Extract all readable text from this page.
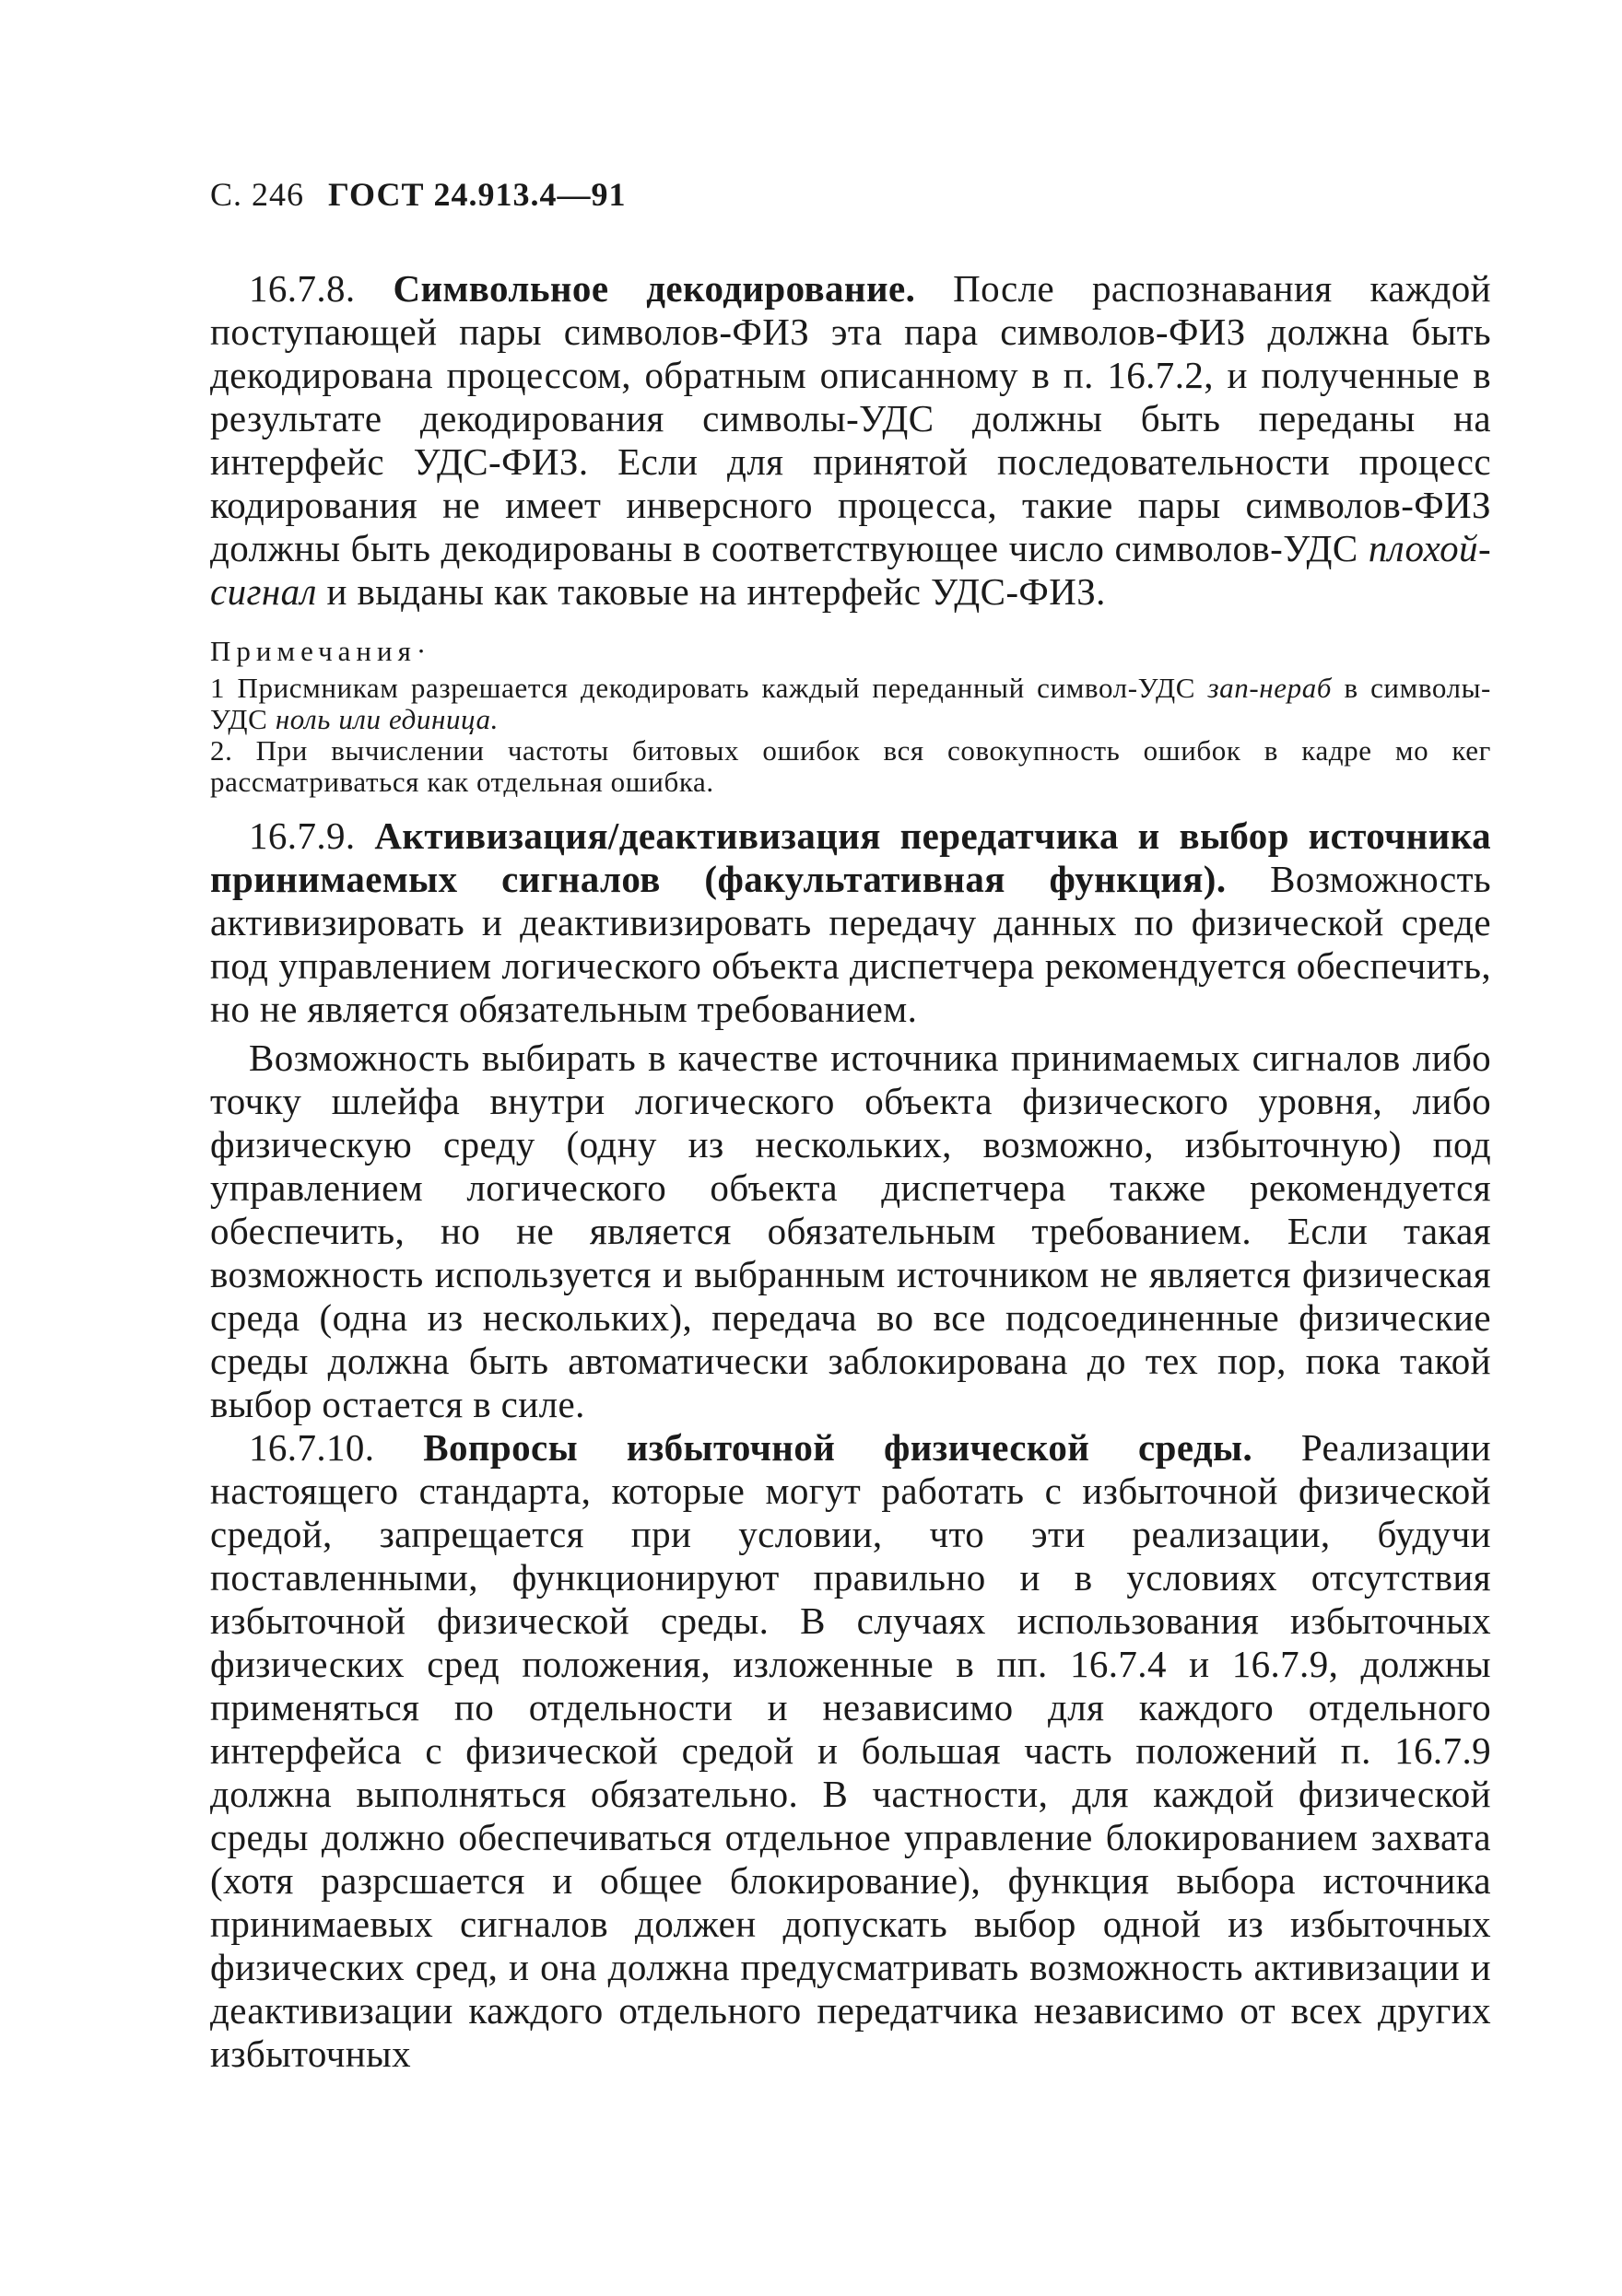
С. 246 ГОСТ 24.913.4—91

16.7.8. Символьное декодирование. После распознавания каждой поступающей пары символов-ФИЗ эта пара символов-ФИЗ должна быть декодирована процессом, обратным описанному в п. 16.7.2, и полученные в результате декодирования символы-УДС должны быть переданы на интерфейс УДС-ФИЗ. Если для принятой последовательности процесс кодирования не имеет инверсного процесса, такие пары символов-ФИЗ должны быть декодированы в соответствующее число символов-УДС плохой-сигнал и выданы как таковые на интерфейс УДС-ФИЗ.

Примечания·

1 Присмникам разрешается декодировать каждый переданный символ-УДС зап-нераб в символы-УДС ноль или единица.

2. При вычислении частоты битовых ошибок вся совокупность ошибок в кадре мо кег рассматриваться как отдельная ошибка.

16.7.9. Активизация/деактивизация передатчика и выбор источника принимаемых сигналов (факультативная функция). Возможность активизировать и деактивизировать передачу данных по физической среде под управлением логического объекта диспетчера рекомендуется обеспечить, но не является обязательным требованием.

Возможность выбирать в качестве источника принимаемых сигналов либо точку шлейфа внутри логического объекта физического уровня, либо физическую среду (одну из нескольких, возможно, избыточную) под управлением логического объекта диспетчера также рекомендуется обеспечить, но не является обязательным требованием. Если такая возможность используется и выбранным источником не является физическая среда (одна из нескольких), передача во все подсоединенные физические среды должна быть автоматически заблокирована до тех пор, пока такой выбор остается в силе.

16.7.10. Вопросы избыточной физической среды. Реализации настоящего стандарта, которые могут работать с избыточной физической средой, запрещается при условии, что эти реализации, будучи поставленными, функционируют правильно и в условиях отсутствия избыточной физической среды. В случаях использования избыточных физических сред положения, изложенные в пп. 16.7.4 и 16.7.9, должны применяться по отдельности и независимо для каждого отдельного интерфейса с физической средой и большая часть положений п. 16.7.9 должна выполняться обязательно. В частности, для каждой физической среды должно обеспечиваться отдельное управление блокированием захвата (хотя разрсшается и общее блокирование), функция выбора источника принимаевых сигналов должен допускать выбор одной из избыточных физических сред, и она должна предусматривать возможность активизации и деактивизации каждого отдельного передатчика независимо от всех других избыточных
